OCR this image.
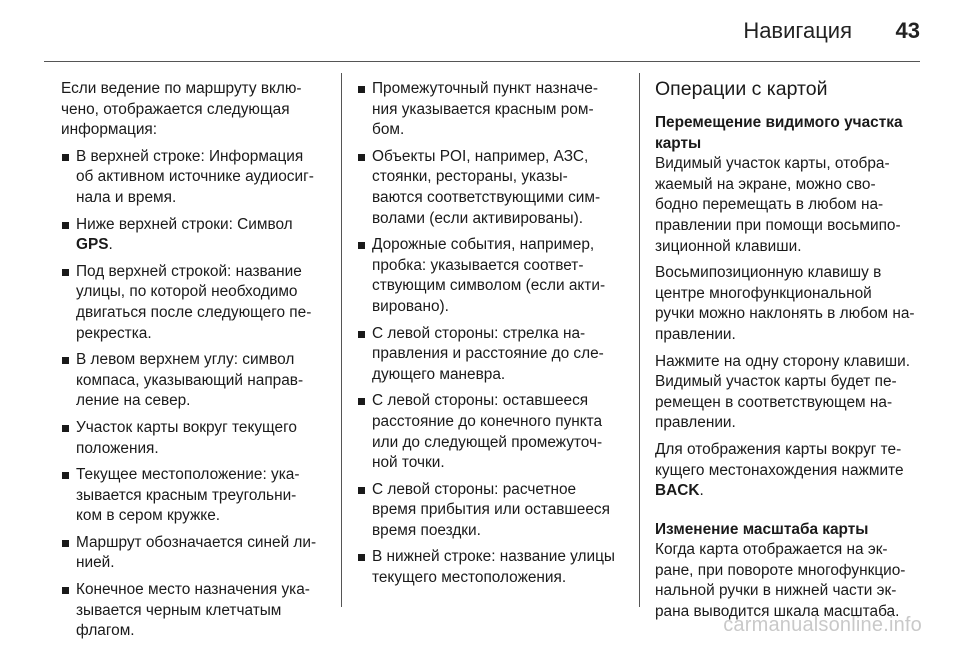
Навигация 43

Если ведение по маршруту вклю-
чено, отображается следующая
информация:

В верхней строке: Информация
об активном источнике аудиосиг-
нала и время.
Ниже верхней строки: Символ
GPS.
Под верхней строкой: название
улицы, по которой необходимо
двигаться после следующего пе-
рекрестка.
В левом верхнем углу: символ
компаса, указывающий направ-
ление на север.
Участок карты вокруг текущего
положения.
Текущее местоположение: ука-
зывается красным треугольни-
ком в сером кружке.
Маршрут обозначается синей ли-
нией.
Конечное место назначения ука-
зывается черным клетчатым
флагом.
Промежуточный пункт назначе-
ния указывается красным ром-
бом.
Объекты POI, например, АЗС,
стоянки, рестораны, указы-
ваются соответствующими сим-
волами (если активированы).
Дорожные события, например,
пробка: указывается соответ-
ствующим символом (если акти-
вировано).
С левой стороны: стрелка на-
правления и расстояние до сле-
дующего маневра.
С левой стороны: оставшееся
расстояние до конечного пункта
или до следующей промежуточ-
ной точки.
С левой стороны: расчетное
время прибытия или оставшееся
время поездки.
В нижней строке: название улицы
текущего местоположения.
Операции с картой

Перемещение видимого участка
карты

Видимый участок карты, отобра-
жаемый на экране, можно сво-
бодно перемещать в любом на-
правлении при помощи восьмипо-
зиционной клавиши.

Восьмипозиционную клавишу в
центре многофункциональной
ручки можно наклонять в любом на-
правлении.

Нажмите на одну сторону клавиши.
Видимый участок карты будет пе-
ремещен в соответствующем на-
правлении.

Для отображения карты вокруг те-
кущего местонахождения нажмите
BACK.

Изменение масштаба карты

Когда карта отображается на эк-
ране, при повороте многофункцио-
нальной ручки в нижней части эк-
рана выводится шкала масштаба.

carmanualsonline.info
